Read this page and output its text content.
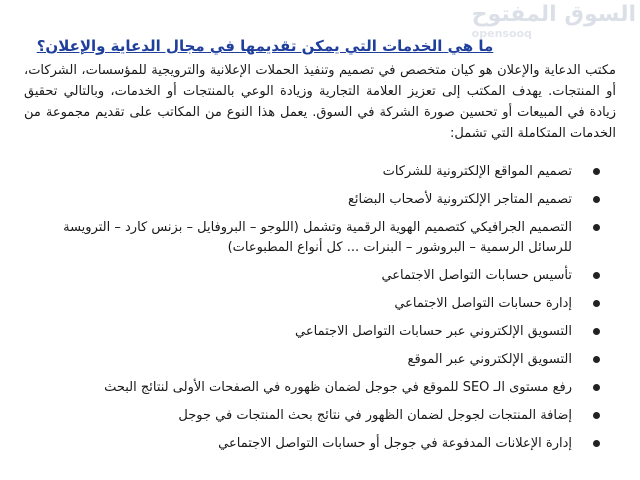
السوق المفتوح
opensooq
ما هي الخدمات التي يمكن تقديمها في مجال الدعاية والإعلان؟

مكتب الدعاية والإعلان هو كيان متخصص في تصميم وتنفيذ الحملات الإعلانية والترويجية للمؤسسات، الشركات، أو المنتجات. يهدف المكتب إلى تعزيز العلامة التجارية وزيادة الوعي بالمنتجات أو الخدمات، وبالتالي تحقيق زيادة في المبيعات أو تحسين صورة الشركة في السوق. يعمل هذا النوع من المكاتب على تقديم مجموعة من الخدمات المتكاملة التي تشمل:

تصميم المواقع الإلكترونية للشركات
تصميم المتاجر الإلكترونية لأصحاب البضائع
التصميم الجرافيكي كتصميم الهوية الرقمية وتشمل (اللوجو – البروفايل – بزنس كارد – الترويسة للرسائل الرسمية – البروشور – البنرات ... كل أنواع المطبوعات)
تأسيس حسابات التواصل الاجتماعي
إدارة حسابات التواصل الاجتماعي
التسويق الإلكتروني عبر حسابات التواصل الاجتماعي
التسويق الإلكتروني عبر الموقع
رفع مستوى الـ SEO للموقع في جوجل لضمان ظهوره في الصفحات الأولى لنتائج البحث
إضافة المنتجات لجوجل لضمان الظهور في نتائج بحث المنتجات في جوجل
إدارة الإعلانات المدفوعة في جوجل أو حسابات التواصل الاجتماعي
